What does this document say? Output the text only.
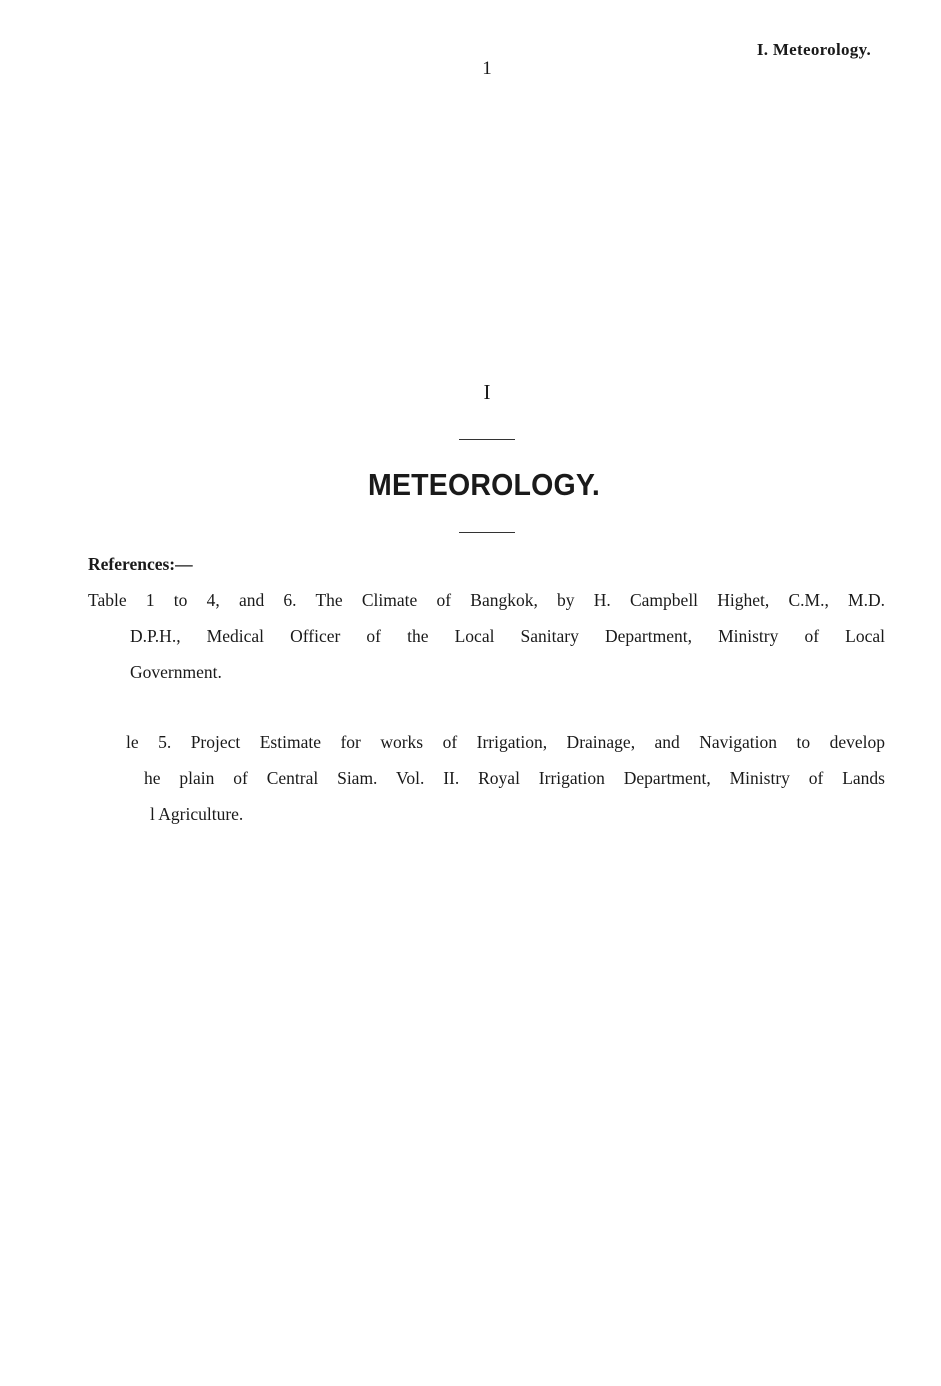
I. Meteorology.
1
I
METEOROLOGY.
References:—
Table 1 to 4, and 6. The Climate of Bangkok, by H. Campbell Highet, C.M., M.D.
D.P.H., Medical Officer of the Local Sanitary Department, Ministry of Local
Government.
le 5. Project Estimate for works of Irrigation, Drainage, and Navigation to develop
he plain of Central Siam. Vol. II. Royal Irrigation Department, Ministry of Lands
l Agriculture.
